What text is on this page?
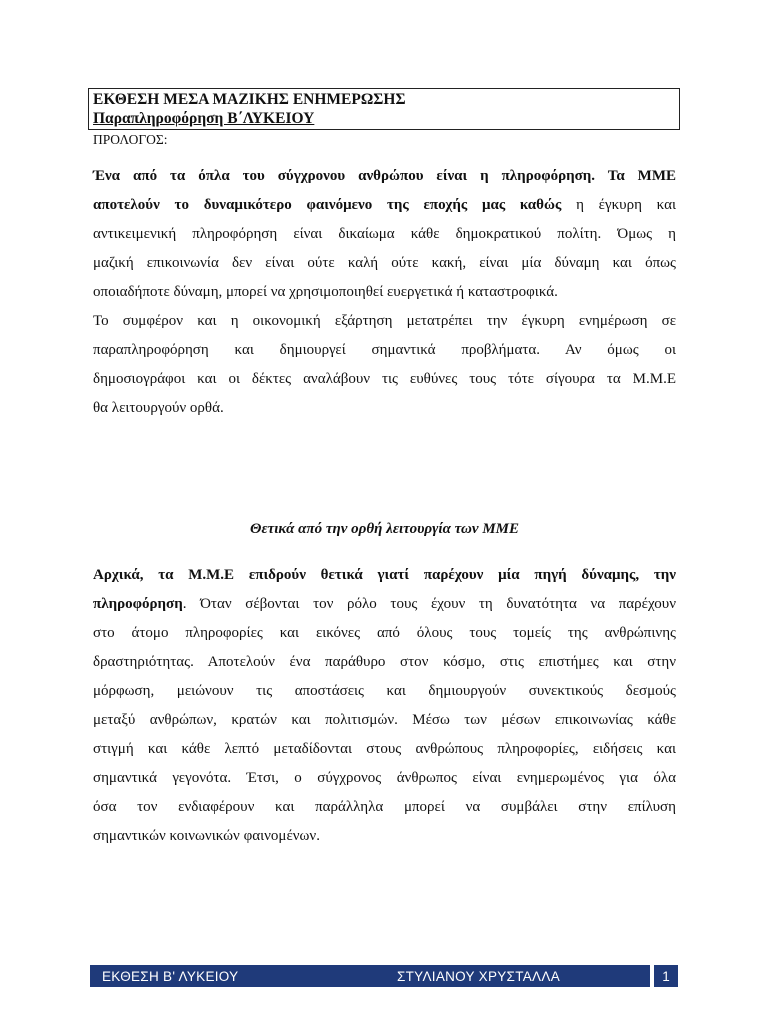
ΕΚΘΕΣΗ ΜΕΣΑ ΜΑΖΙΚΗΣ ΕΝΗΜΕΡΩΣΗΣ
Παραπληροφόρηση Β΄ΛΥΚΕΙΟΥ
ΠΡΟΛΟΓΟΣ:
Ένα από τα όπλα του σύγχρονου ανθρώπου είναι η πληροφόρηση. Τα ΜΜΕ
αποτελούν το δυναμικότερο φαινόμενο της εποχής μας καθώς η έγκυρη και
αντικειμενική πληροφόρηση είναι δικαίωμα κάθε δημοκρατικού πολίτη. Όμως η
μαζική επικοινωνία δεν είναι ούτε καλή ούτε κακή, είναι μία δύναμη και όπως
οποιαδήποτε δύναμη, μπορεί να χρησιμοποιηθεί ευεργετικά ή καταστροφικά.
Το συμφέρον και η οικονομική εξάρτηση μετατρέπει την έγκυρη ενημέρωση σε
παραπληροφόρηση και δημιουργεί σημαντικά προβλήματα. Αν όμως οι
δημοσιογράφοι και οι δέκτες αναλάβουν τις ευθύνες τους τότε σίγουρα τα Μ.Μ.Ε
θα λειτουργούν ορθά.
Θετικά από την ορθή λειτουργία των ΜΜΕ
Αρχικά, τα Μ.Μ.Ε επιδρούν θετικά γιατί παρέχουν μία πηγή δύναμης, την
πληροφόρηση. Όταν σέβονται τον ρόλο τους έχουν τη δυνατότητα να παρέχουν
στο άτομο πληροφορίες και εικόνες από όλους τους τομείς της ανθρώπινης
δραστηριότητας. Αποτελούν ένα παράθυρο στον κόσμο, στις επιστήμες και στην
μόρφωση, μειώνουν τις αποστάσεις και δημιουργούν συνεκτικούς δεσμούς
μεταξύ ανθρώπων, κρατών και πολιτισμών. Μέσω των μέσων επικοινωνίας κάθε
στιγμή και κάθε λεπτό μεταδίδονται στους ανθρώπους πληροφορίες, ειδήσεις και
σημαντικά γεγονότα. Έτσι, ο σύγχρονος άνθρωπος είναι ενημερωμένος για όλα
όσα τον ενδιαφέρουν και παράλληλα μπορεί να συμβάλει στην επίλυση
σημαντικών κοινωνικών φαινομένων.
ΕΚΘΕΣΗ Β' ΛΥΚΕΙΟΥ	ΣΤΥΛΙΑΝΟΥ ΧΡΥΣΤΑΛΛΑ	1
